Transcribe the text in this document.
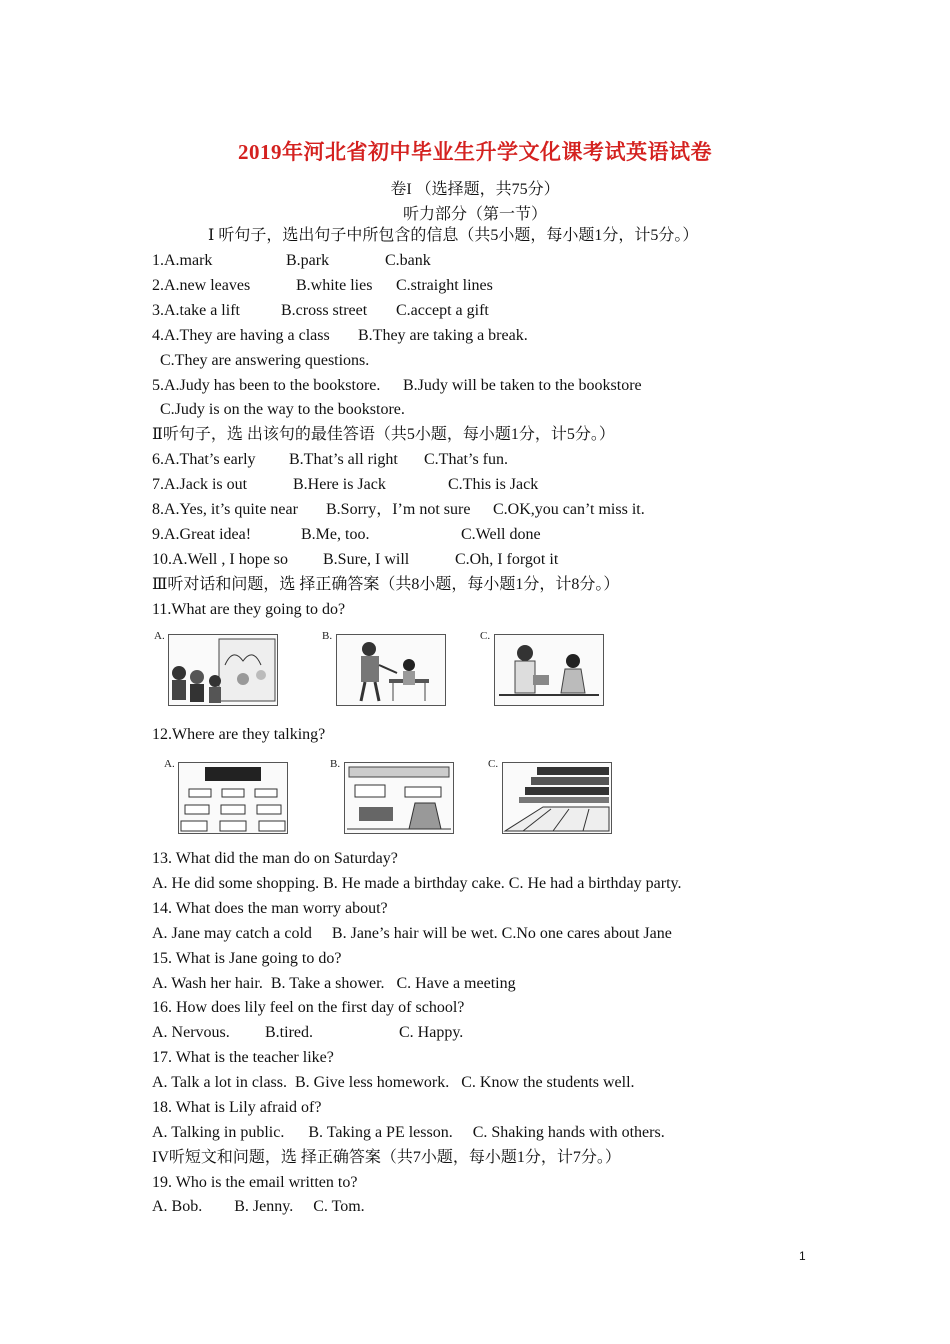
2019年河北省初中毕业生升学文化课考试英语试卷
卷I （选择题，共75分）
听力部分（第一节）
Ⅰ 听句子，选出句子中所包含的信息（共5小题，每小题1分，计5分。）

1.A.mark

	B.park

	C.bank

2.A.new leaves

	B.white lies

C.straight lines

3.A.take a lift

	B.cross street

C.accept a gift

4.A.They are having a class

B.They are taking a break.

C.They are answering questions.

5.A.Judy has been to the bookstore.

B.Judy will be taken to the bookstore

C.Judy is on the way to the bookstore.
Ⅱ听句子，选 出该句的最佳答语（共5小题，每小题1分，计5分。）

6.A.That’s early

B.That’s all right

C.That’s fun.

7.A.Jack is out

	B.Here is Jack

	C.This is Jack

8.A.Yes, it’s quite near

B.Sorry，I’m not sure

C.OK,you can’t miss it.

9.A.Great idea!

	B.Me, too.

	C.Well done

10.A.Well , I hope so

B.Sure, I will

	C.Oh, I forgot it

Ⅲ听对话和问题，选 择正确答案（共8小题，每小题1分，计8分。）
11.What are they going to do?
A.	B.	C.
12.Where are they talking?
A.	B.	C.
13. What did the man do on Saturday?
A. He did some shopping. B. He made a birthday cake. C. He had a birthday party.
14. What does the man worry about?
A. Jane may catch a cold     B. Jane’s hair will be wet. C.No one cares about Jane
15. What is Jane going to do?
A. Wash her hair.  B. Take a shower.   C. Have a meeting
16. How does lily feel on the first day of school?

A. Nervous.

B.tired.

	C. Happy.

17. What is the teacher like?
A. Talk a lot in class.  B. Give less homework.   C. Know the students well.
18. What is Lily afraid of?
A. Talking in public.      B. Taking a PE lesson.     C. Shaking hands with others.
IV听短文和问题，选 择正确答案（共7小题，每小题1分，计7分。）
19. Who is the email written to?
A. Bob.        B. Jenny.     C. Tom.
1
